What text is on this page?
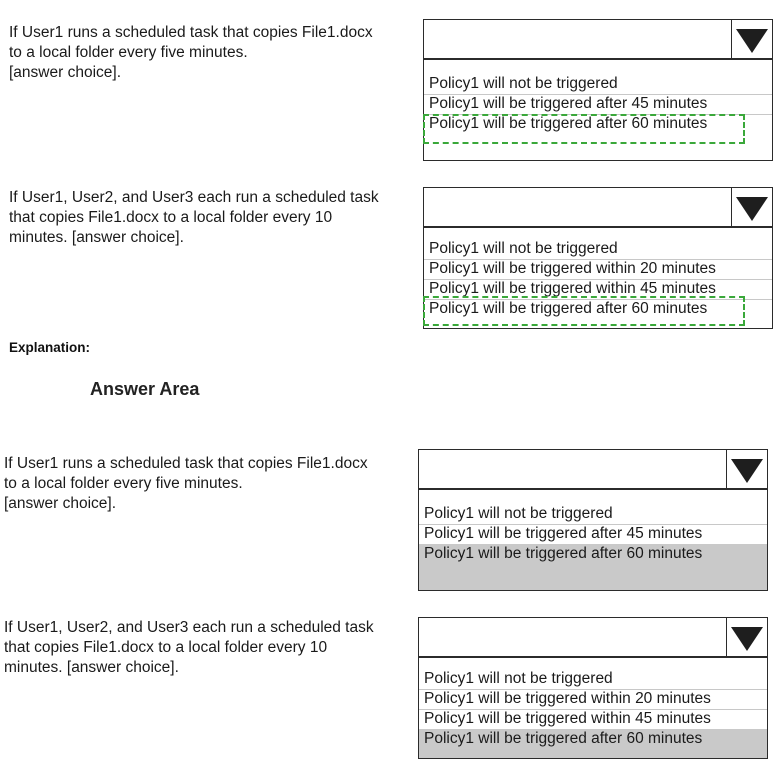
If User1 runs a scheduled task that copies File1.docx
to a local folder every five minutes.
[answer choice].
Policy1 will not be triggered
Policy1 will be triggered after 45 minutes
Policy1 will be triggered after 60 minutes
If User1, User2, and User3 each run a scheduled task
that copies File1.docx to a local folder every 10
minutes. [answer choice].
Policy1 will not be triggered
Policy1 will be triggered within 20 minutes
Policy1 will be triggered within 45 minutes
Policy1 will be triggered after 60 minutes
Explanation:
Answer Area
If User1 runs a scheduled task that copies File1.docx
to a local folder every five minutes.
[answer choice].
Policy1 will not be triggered
Policy1 will be triggered after 45 minutes
Policy1 will be triggered after 60 minutes
If User1, User2, and User3 each run a scheduled task
that copies File1.docx to a local folder every 10
minutes. [answer choice].
Policy1 will not be triggered
Policy1 will be triggered within 20 minutes
Policy1 will be triggered within 45 minutes
Policy1 will be triggered after 60 minutes
